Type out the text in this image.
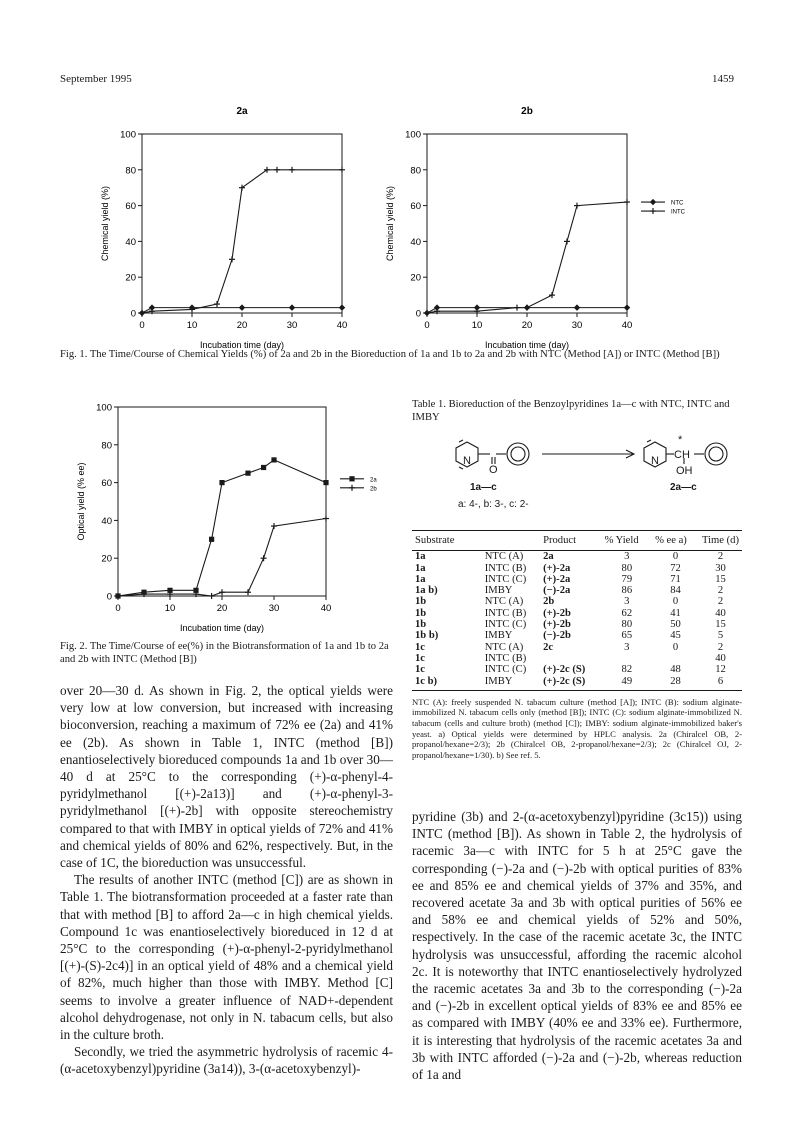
September 1995	1459
2a
0
20
40
60
80
100
0	10	20	30	40
Incubation time (day)
Chemical yield (%)
2b
0
20
40
60
80
100
0	10	20	30	40
Incubation time (day)
Chemical yield (%)	NTC
INTC
Fig. 1. The Time/Course of Chemical Yields (%) of 2a and 2b in the Bioreduction of 1a and 1b to 2a and 2b with NTC (Method [A]) or INTC (Method [B])
0
20
40
60
80
100
0	10	20	30	40
Incubation time (day)
Optical yield (% ee)	2a
2b
Fig. 2. The Time/Course of ee(%) in the Biotransformation of 1a and 1b to 2a and 2b with INTC (Method [B])
Table 1. Bioreduction of the Benzoylpyridines 1a—c with NTC, INTC and IMBY
N
O
N CH
*
OH
1a—c	2a—c
a: 4-, b: 3-, c: 2-
Substrate		Product	% Yield	% ee a)	Time (d)
1a	NTC (A)	2a	3	0	2
1a	INTC (B)	(+)-2a	80	72	30
1a	INTC (C)	(+)-2a	79	71	15
1a b)	IMBY	(−)-2a	86	84	2
1b	NTC (A)	2b	3	0	2
1b	INTC (B)	(+)-2b	62	41	40
1b	INTC (C)	(+)-2b	80	50	15
1b b)	IMBY	(−)-2b	65	45	5
1c	NTC (A)	2c	3	0	2
1c	INTC (B)				40
1c	INTC (C)	(+)-2c (S)	82	48	12
1c b)	IMBY	(+)-2c (S)	49	28	6
NTC (A): freely suspended N. tabacum culture (method [A]); INTC (B): sodium alginate-immobilized N. tabacum cells only (method [B]); INTC (C): sodium alginate-immobilized N. tabacum (cells and culture broth) (method [C]); IMBY: sodium alginate-immobilized baker's yeast. a) Optical yields were determined by HPLC analysis. 2a (Chiralcel OB, 2-propanol/hexane=2/3); 2b (Chiralcel OB, 2-propanol/hexane=2/3); 2c (Chiralcel OJ, 2-propanol/hexane=1/30). b) See ref. 5.

over 20—30 d. As shown in Fig. 2, the optical yields were very low at low conversion, but increased with increasing bioconversion, reaching a maximum of 72% ee (2a) and 41% ee (2b). As shown in Table 1, INTC (method [B]) enantioselectively bioreduced compounds 1a and 1b over 30—40 d at 25°C to the corresponding (+)-α-phenyl-4-pyridylmethanol [(+)-2a13)] and (+)-α-phenyl-3-pyridylmethanol [(+)-2b] with opposite stereochemistry compared to that with IMBY in optical yields of 72% and 41% and chemical yields of 80% and 62%, respectively. But, in the case of 1C, the bioreduction was unsuccessful.

The results of another INTC (method [C]) are as shown in Table 1. The biotransformation proceeded at a faster rate than that with method [B] to afford 2a—c in high chemical yields. Compound 1c was enantioselectively bioreduced in 12 d at 25°C to the corresponding (+)-α-phenyl-2-pyridylmethanol [(+)-(S)-2c4)] in an optical yield of 48% and a chemical yield of 82%, much higher than those with IMBY. Method [C] seems to involve a greater influence of NAD+-dependent alcohol dehydrogenase, not only in N. tabacum cells, but also in the culture broth.

Secondly, we tried the asymmetric hydrolysis of racemic 4-(α-acetoxybenzyl)pyridine (3a14)), 3-(α-acetoxybenzyl)-

pyridine (3b) and 2-(α-acetoxybenzyl)pyridine (3c15)) using INTC (method [B]). As shown in Table 2, the hydrolysis of racemic 3a—c with INTC for 5 h at 25°C gave the corresponding (−)-2a and (−)-2b with optical purities of 83% ee and 85% ee and chemical yields of 37% and 35%, and recovered acetate 3a and 3b with optical purities of 56% ee and 58% ee and chemical yields of 52% and 50%, respectively. In the case of the racemic acetate 3c, the INTC hydrolysis was unsuccessful, affording the racemic alcohol 2c. It is noteworthy that INTC enantioselectively hydrolyzed the racemic acetates 3a and 3b to the corresponding (−)-2a and (−)-2b in excellent optical yields of 83% ee and 85% ee as compared with IMBY (40% ee and 33% ee). Furthermore, it is interesting that hydrolysis of the racemic acetates 3a and 3b with INTC afforded (−)-2a and (−)-2b, whereas reduction of 1a and
